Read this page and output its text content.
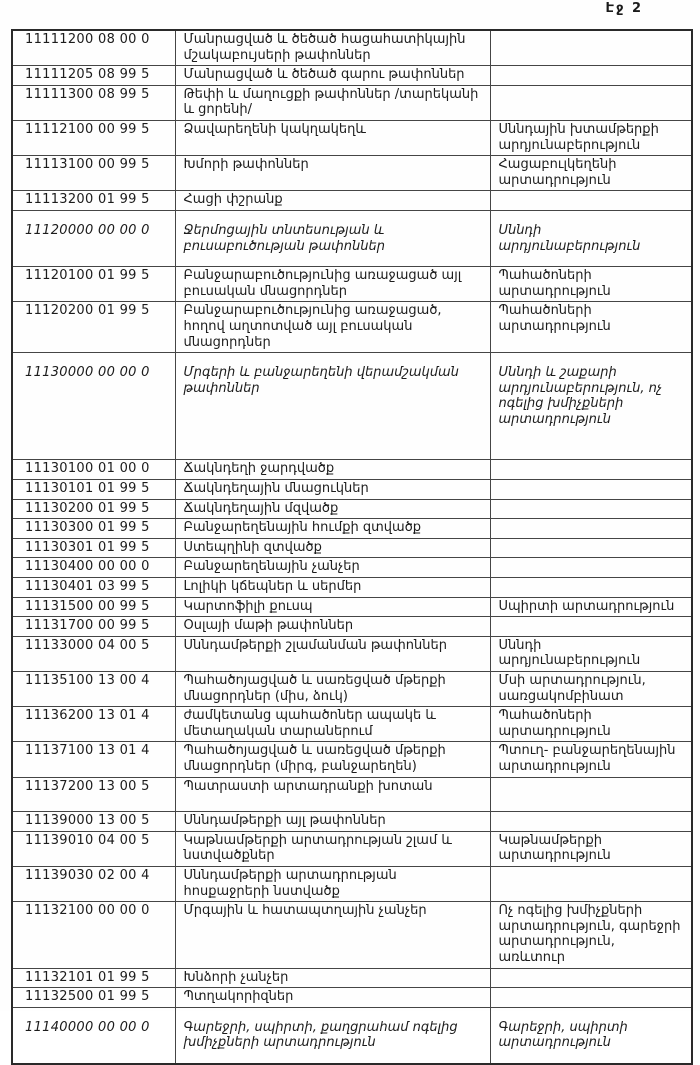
Էջ 2
11111200 08 00 0	Մանրացված և ծեծած հացահատիկային մշակաբույսերի թափոններ	
11111205 08 99 5	Մանրացված և ծեծած գարու թափոններ	
11111300 08 99 5	Թեփի և մաղուցքի թափոններ /տարեկանի և ցորենի/	
11112100 00 99 5	Ձավարեղենի կակղակեղև	Սննդային խտամթերքի արդյունաբերություն
11113100 00 99 5	Խմորի թափոններ	Հացաբուլկեղենի արտադրություն
11113200 01 99 5	Հացի փշրանք	
11120000 00 00 0	Ջերմոցային տնտեսության և բուսաբուծության թափոններ	Սննդի արդյունաբերություն
11120100 01 99 5	Բանջարաբուծությունից առաջացած այլ բուսական մնացորդներ	Պահածոների արտադրություն
11120200 01 99 5	Բանջարաբուծությունից առաջացած, հողով աղտոտված այլ բուսական մնացորդներ	Պահածոների արտադրություն
11130000 00 00 0	Մրգերի և բանջարեղենի վերամշակման թափոններ	Սննդի և շաքարի արդյունաբերություն, ոչ ոգելից խմիչքների արտադրություն
11130100 01 00 0	Ճակնդեղի ջարդվածք	
11130101 01 99 5	Ճակնդեղային մնացուկներ	
11130200 01 99 5	Ճակնդեղային մզվածք	
11130300 01 99 5	Բանջարեղենային հումքի զտվածք	
11130301 01 99 5	Ստեպղինի զտվածք	
11130400 00 00 0	Բանջարեղենային չանչեր	
11130401 03 99 5	Լոլիկի կճեպներ և սերմեր	
11131500 00 99 5	Կարտոֆիլի քուսպ	Սպիրտի արտադրություն
11131700 00 99 5	Օսլայի մաթի թափոններ	
11133000 04 00 5	Սննդամթերքի շլամանման թափոններ	Սննդի արդյունաբերություն
11135100 13 00 4	Պահածոյացված և սառեցված մթերքի մնացորդներ (միս, ձուկ)	Մսի արտադրություն, սառցակոմբինատ
11136200 13 01 4	ժամկետանց պահածոներ ապակե և մետաղական տարաներում	Պահածոների արտադրություն
11137100 13 01 4	Պահածոյացված և սառեցված մթերքի մնացորդներ (միրգ, բանջարեղեն)	Պտուղ- բանջարեղենային արտադրություն
11137200 13 00 5	Պատրաստի արտադրանքի խոտան	
11139000 13 00 5	Սննդամթերքի այլ թափոններ	
11139010 04 00 5	Կաթնամթերքի արտադրության շլամ և նստվածքներ	Կաթնամթերքի արտադրություն
11139030 02 00 4	Սննդամթերքի արտադրության հոսքաջրերի նստվածք	
11132100 00 00 0	Մրգային և հատապտղային չանչեր	Ոչ ոգելից խմիչքների արտադրություն, գարեջրի արտադրություն, առևտուր
11132101 01 99 5	Խնձորի չանչեր	
11132500 01 99 5	Պտղակորիզներ	
11140000 00 00 0	Գարեջրի, սպիրտի, քաղցրահամ ոգելից խմիչքների արտադրություն	Գարեջրի, սպիրտի արտադրություն
